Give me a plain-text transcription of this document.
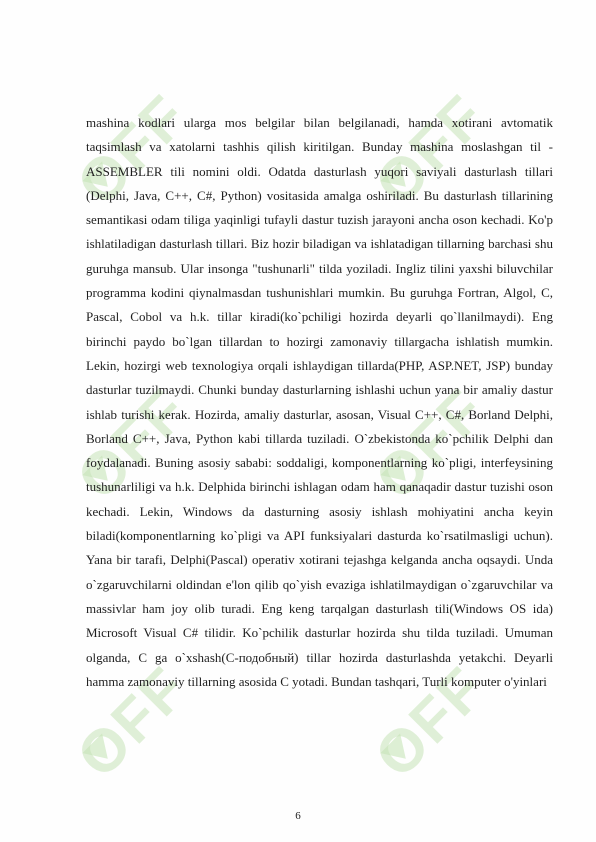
OFF	OFF
OFF	OFF
OFF	OFF

mashina kodlari ularga mos belgilar bilan belgilanadi, hamda xotirani avtomatik taqsimlash va xatolarni tashhis qilish kiritilgan. Bunday mashina moslashgan til - ASSEMBLER tili nomini oldi. Odatda dasturlash yuqori saviyali dasturlash tillari (Delphi, Java, C++, C#, Python) vositasida amalga oshiriladi. Bu dasturlash tillarining semantikasi odam tiliga yaqinligi tufayli dastur tuzish jarayoni ancha oson kechadi. Ko'p ishlatiladigan dasturlash tillari. Biz hozir biladigan va ishlatadigan tillarning barchasi shu guruhga mansub. Ular insonga "tushunarli" tilda yoziladi. Ingliz tilini yaxshi biluvchilar programma kodini qiynalmasdan tushunishlari mumkin. Bu guruhga Fortran, Algol, C, Pascal, Cobol va h.k. tillar kiradi(ko`pchiligi hozirda deyarli qo`llanilmaydi). Eng birinchi paydo bo`lgan tillardan to hozirgi zamonaviy tillargacha ishlatish mumkin. Lekin, hozirgi web texnologiya orqali ishlaydigan tillarda(PHP, ASP.NET, JSP) bunday dasturlar tuzilmaydi. Chunki bunday dasturlarning ishlashi uchun yana bir amaliy dastur ishlab turishi kerak. Hozirda, amaliy dasturlar, asosan, Visual C++, C#, Borland Delphi, Borland C++, Java, Python kabi tillarda tuziladi. O`zbekistonda ko`pchilik Delphi dan foydalanadi. Buning asosiy sababi: soddaligi, komponentlarning ko`pligi, interfeysining tushunarliligi va h.k. Delphida birinchi ishlagan odam ham qanaqadir dastur tuzishi oson kechadi. Lekin, Windows da dasturning asosiy ishlash mohiyatini ancha keyin biladi(komponentlarning ko`pligi va API funksiyalari dasturda ko`rsatilmasligi uchun). Yana bir tarafi, Delphi(Pascal) operativ xotirani tejashga kelganda ancha oqsaydi. Unda o`zgaruvchilarni oldindan e'lon qilib qo`yish evaziga ishlatilmaydigan o`zgaruvchilar va massivlar ham joy olib turadi. Eng keng tarqalgan dasturlash tili(Windows OS ida) Microsoft Visual C# tilidir. Ko`pchilik dasturlar hozirda shu tilda tuziladi. Umuman olganda, C ga o`xshash(С-подобный) tillar hozirda dasturlashda yetakchi. Deyarli hamma zamonaviy tillarning asosida C yotadi. Bundan tashqari, Turli komputer o'yinlari

6
